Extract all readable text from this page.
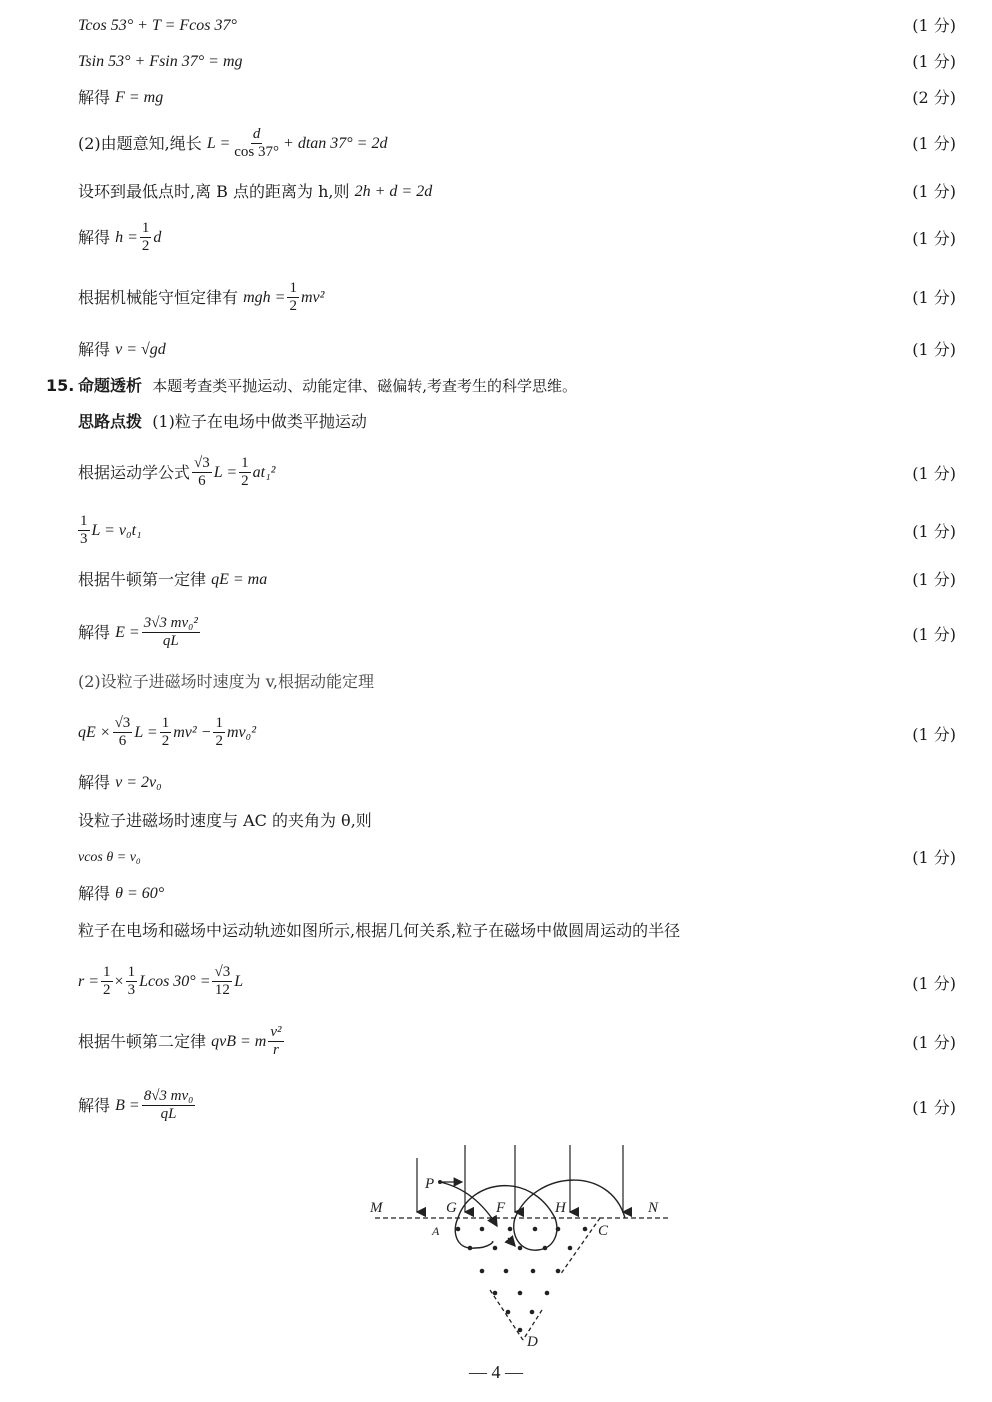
Tcos 53° + T = Fcos 37°	(1 分)
Tsin 53° + Fsin 37° = mg	(1 分)
解得
F = mg	(2 分)
(2)由题意知,绳长
$L = \frac{d}{\cos 37^\circ} + dtan$ 37° = 2d	(1 分)
设环到最低点时,离 B 点的距离为 h,则
2h + d = 2d	(1 分)
解得
$h = \frac{1}{2}$ d	(1 分)
根据机械能守恒定律有
mgh = $\frac{1}{2} mv^2$	(1 分)
解得
v = √gd	(1 分)
15. 命题透析
本题考查类平抛运动、动能定律、磁偏转,考查考生的科学思维。
思路点拨
(1)粒子在电场中做类平抛运动
根据运动学公式 $\frac{√3}{6}$ $L = \frac{1}{2} at_1^2$	(1 分)
$\frac{1}{3}$ L = v₀t₁	(1 分)
根据牛顿第一定律
qE = ma	(1 分)
解得
$E = \frac{\text{3√3 mv₀²}}{qL}$	(1 分)
(2)设粒子进磁场时速度为 v,根据动能定理
qE × $\frac{√3}{6}$ $L = \frac{1}{2} mv^2 - \frac{1}{2} mv_0^2$	(1 分)
解得
v = 2v₀
设粒子进磁场时速度与 AC 的夹角为 θ,则
vcos θ = v₀	(1 分)
解得
θ = 60°
粒子在电场和磁场中运动轨迹如图所示,根据几何关系,粒子在磁场中做圆周运动的半径
$r = \frac{1}{2} \times \frac{1}{3}$ Lcos $30^\circ = \frac{√3}{12}$ L	(1 分)
根据牛顿第二定律
qvB = m $\frac{\text{v²}}{r}$	(1 分)
解得
$B = \frac{\text{8√3 mv₀}}{qL}$	(1 分)
M	N
P
G	F	H
C
D
A
— 4 —
